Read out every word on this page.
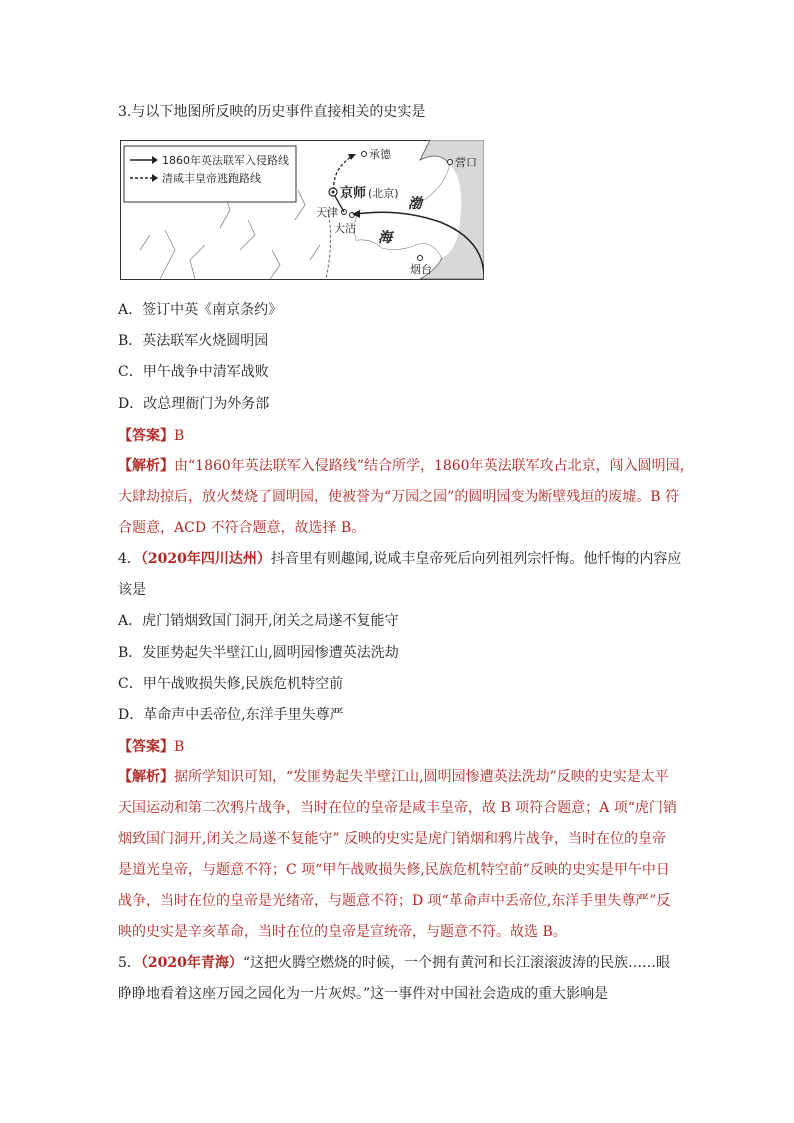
3.与以下地图所反映的历史事件直接相关的史实是
1860年英法联军入侵路线
清咸丰皇帝逃跑路线
承德
营口
京师 (北京)
天津
大沽
渤
海
烟台
A．签订中英《南京条约》
B．英法联军火烧圆明园
C．甲午战争中清军战败
D．改总理衙门为外务部
【答案】B
【解析】由“1860年英法联军入侵路线”结合所学，1860年英法联军攻占北京，闯入圆明园，
大肆劫掠后，放火焚烧了圆明园，使被誉为“万园之园”的圆明园变为断壁残垣的废墟。B 符
合题意，ACD 不符合题意，故选择 B。
4．（2020年四川达州）抖音里有则趣闻,说咸丰皇帝死后向列祖列宗忏悔。他忏悔的内容应
该是
A．虎门销烟致国门洞开,闭关之局遂不复能守
B．发匪势起失半壁江山,圆明园惨遭英法洗劫
C．甲午战败损失修,民族危机特空前
D．革命声中丢帝位,东洋手里失尊严
【答案】B
【解析】据所学知识可知，“发匪势起失半壁江山,圆明园惨遭英法洗劫”反映的史实是太平
天国运动和第二次鸦片战争，当时在位的皇帝是咸丰皇帝，故 B 项符合题意；A 项“虎门销
烟致国门洞开,闭关之局遂不复能守” 反映的史实是虎门销烟和鸦片战争，当时在位的皇帝
是道光皇帝，与题意不符；C 项“甲午战败损失修,民族危机特空前”反映的史实是甲午中日
战争，当时在位的皇帝是光绪帝，与题意不符；D 项“革命声中丢帝位,东洋手里失尊严”反
映的史实是辛亥革命，当时在位的皇帝是宣统帝，与题意不符。故选 B。
5．（2020年青海）“这把火腾空燃烧的时候，一个拥有黄河和长江滚滚波涛的民族……眼
睁睁地看着这座万园之园化为一片灰烬。”这一事件对中国社会造成的重大影响是
